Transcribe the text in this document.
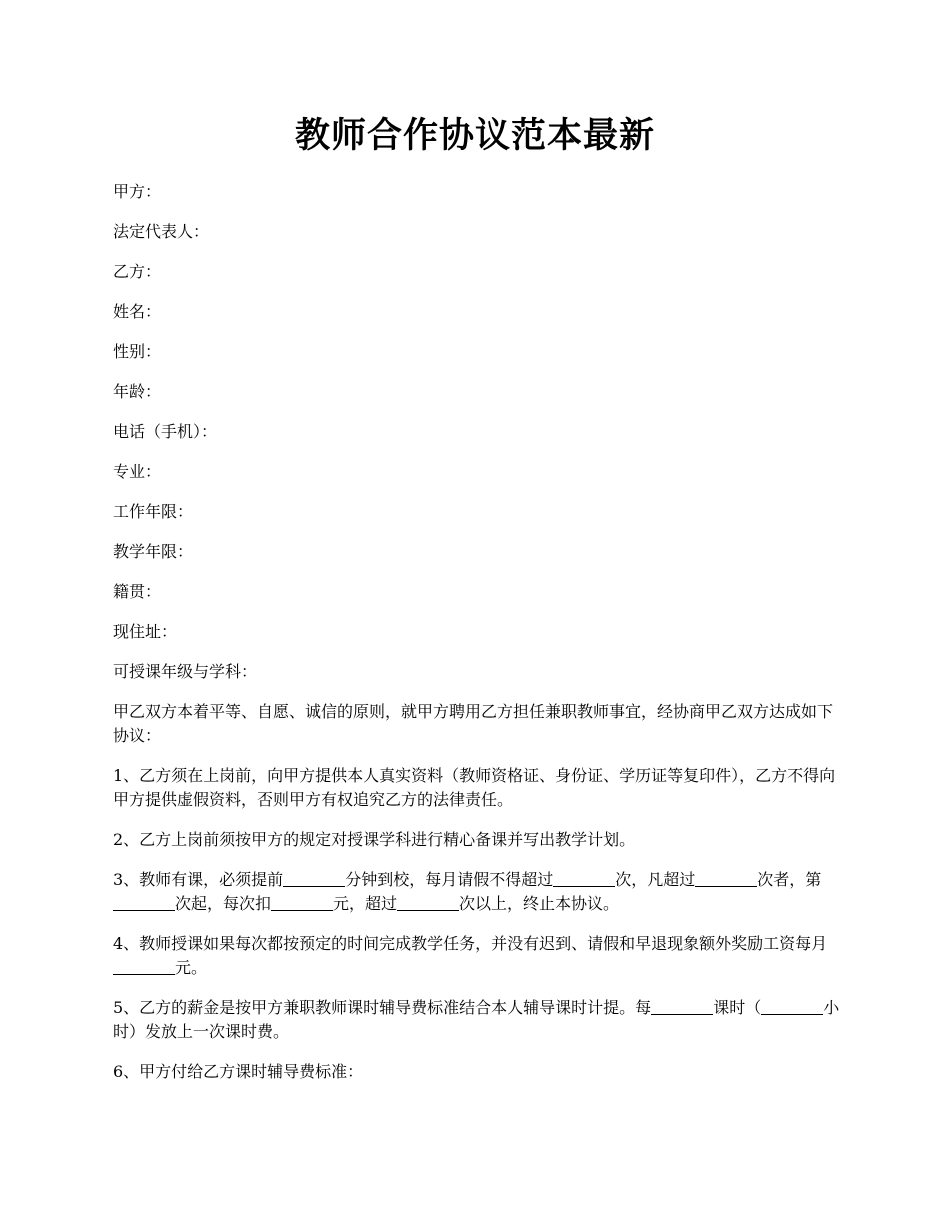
教师合作协议范本最新

甲方：

法定代表人：

乙方：

姓名：

性别：

年龄：

电话（手机）：

专业：

工作年限：

教学年限：

籍贯：

现住址：

可授课年级与学科：

甲乙双方本着平等、自愿、诚信的原则，就甲方聘用乙方担任兼职教师事宜，经协商甲乙双方达成如下协议：

1、乙方须在上岗前，向甲方提供本人真实资料（教师资格证、身份证、学历证等复印件），乙方不得向甲方提供虚假资料，否则甲方有权追究乙方的法律责任。

2、乙方上岗前须按甲方的规定对授课学科进行精心备课并写出教学计划。

3、教师有课，必须提前	分钟到校，每月请假不得超过	次，凡超过	次者，第次起，每次扣	元，超过	次以上，终止本协议。

4、教师授课如果每次都按预定的时间完成教学任务，并没有迟到、请假和早退现象额外奖励工资每月元。

5、乙方的薪金是按甲方兼职教师课时辅导费标准结合本人辅导课时计提。每	课时（	小时）发放上一次课时费。

6、甲方付给乙方课时辅导费标准：
